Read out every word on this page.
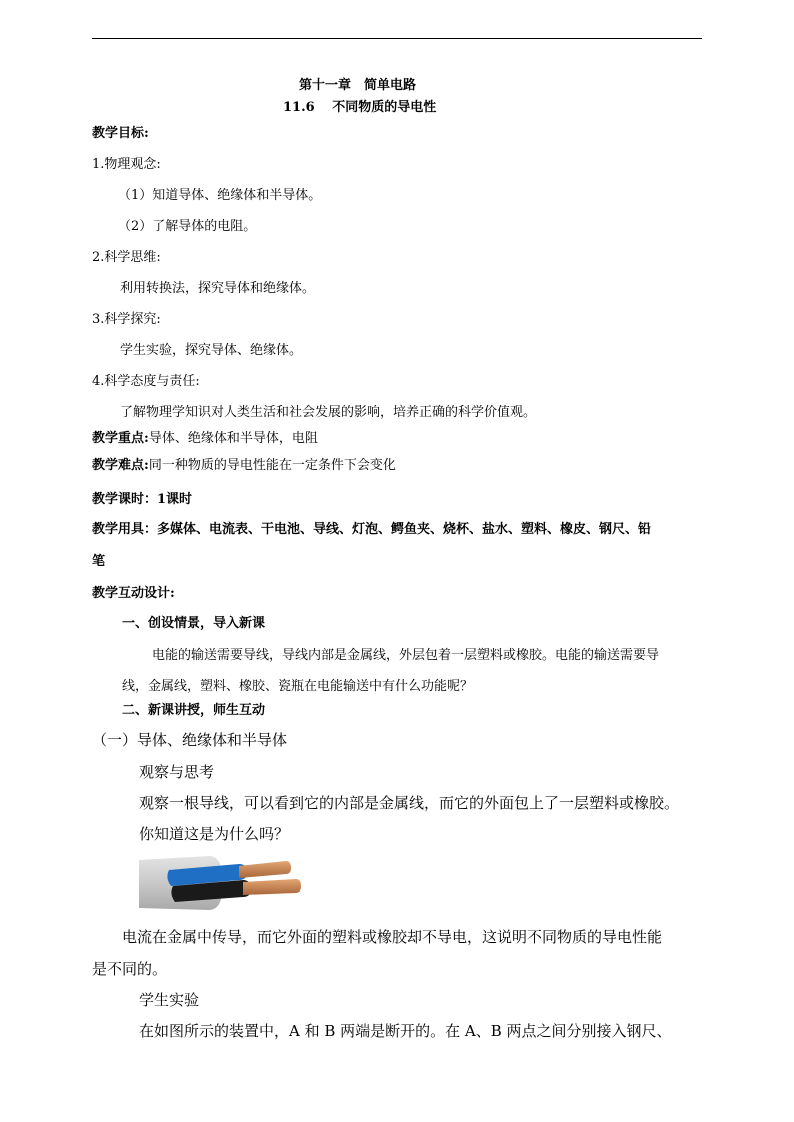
第十一章　简单电路
11.6　 不同物质的导电性
教学目标:
1.物理观念:
（1）知道导体、绝缘体和半导体。
（2）了解导体的电阻。
2.科学思维:
利用转换法，探究导体和绝缘体。
3.科学探究:
学生实验，探究导体、绝缘体。
4.科学态度与责任:
了解物理学知识对人类生活和社会发展的影响，培养正确的科学价值观。
教学重点:导体、绝缘体和半导体，电阻
教学难点:同一种物质的导电性能在一定条件下会变化
教学课时：1课时
教学用具：多媒体、电流表、干电池、导线、灯泡、鳄鱼夹、烧杯、盐水、塑料、橡皮、钢尺、铅
笔
教学互动设计:
一、创设情景，导入新课
电能的输送需要导线，导线内部是金属线，外层包着一层塑料或橡胶。电能的输送需要导
线，金属线，塑料、橡胶、瓷瓶在电能输送中有什么功能呢？
二、新课讲授，师生互动
（一）导体、绝缘体和半导体
观察与思考
观察一根导线，可以看到它的内部是金属线，而它的外面包上了一层塑料或橡胶。
你知道这是为什么吗？
电流在金属中传导，而它外面的塑料或橡胶却不导电，这说明不同物质的导电性能
是不同的。
学生实验
在如图所示的装置中，A 和 B 两端是断开的。在 A、B 两点之间分别接入钢尺、
